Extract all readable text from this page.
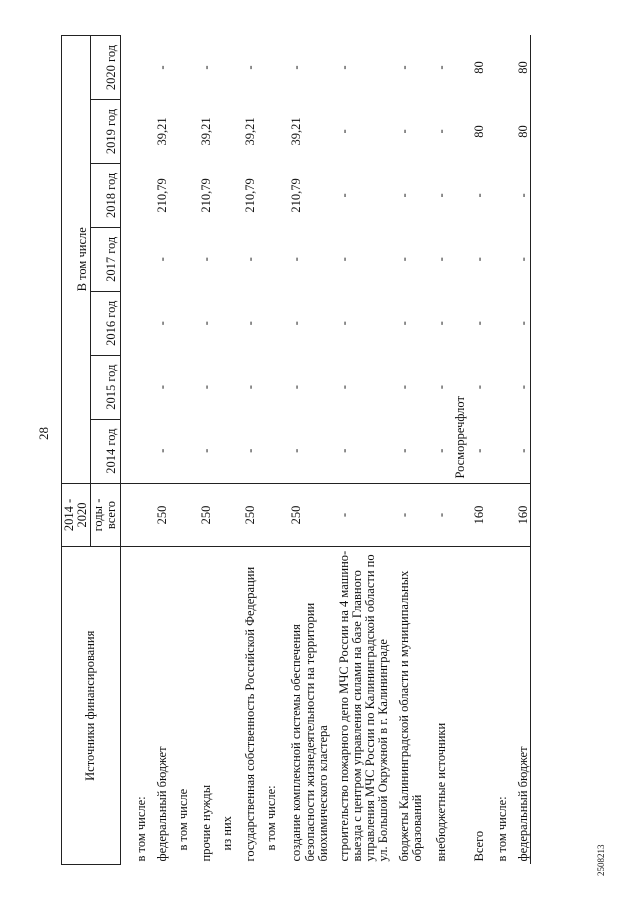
28
2508213
Источники финансирования	2014 - 2020	В том числе						
	годы - всего	2014 год	2015 год	2016 год	2017 год	2018 год	2019 год	2020 год
в том числе:								
федеральный бюджет	250	-	-	-	-	210,79	39,21	-
в том числе								
прочие нужды	250	-	-	-	-	210,79	39,21	-
из них								
государственная собственность Российской Федерации	250	-	-	-	-	210,79	39,21	-
в том числе:								
создание комплексной системы обеспечения безопасности жизнедеятельности на территории биохимического кластера	250	-	-	-	-	210,79	39,21	-
строительство пожарного депо МЧС России на 4 машино-выезда с центром управления силами на базе Главного управления МЧС России по Калининградской области по ул. Большой Окружной в г. Калининграде	-	-	-	-	-	-	-	-
бюджеты Калининградской области и муниципальных образований	-	-	-	-	-	-	-	-
внебюджетные источники	-	-	-	-	-	-	-	-
		Росморречфлот						
Всего	160	-	-	-	-	-	80	80
в том числе:								
федеральный бюджет	160	-	-	-	-	-	80	80
